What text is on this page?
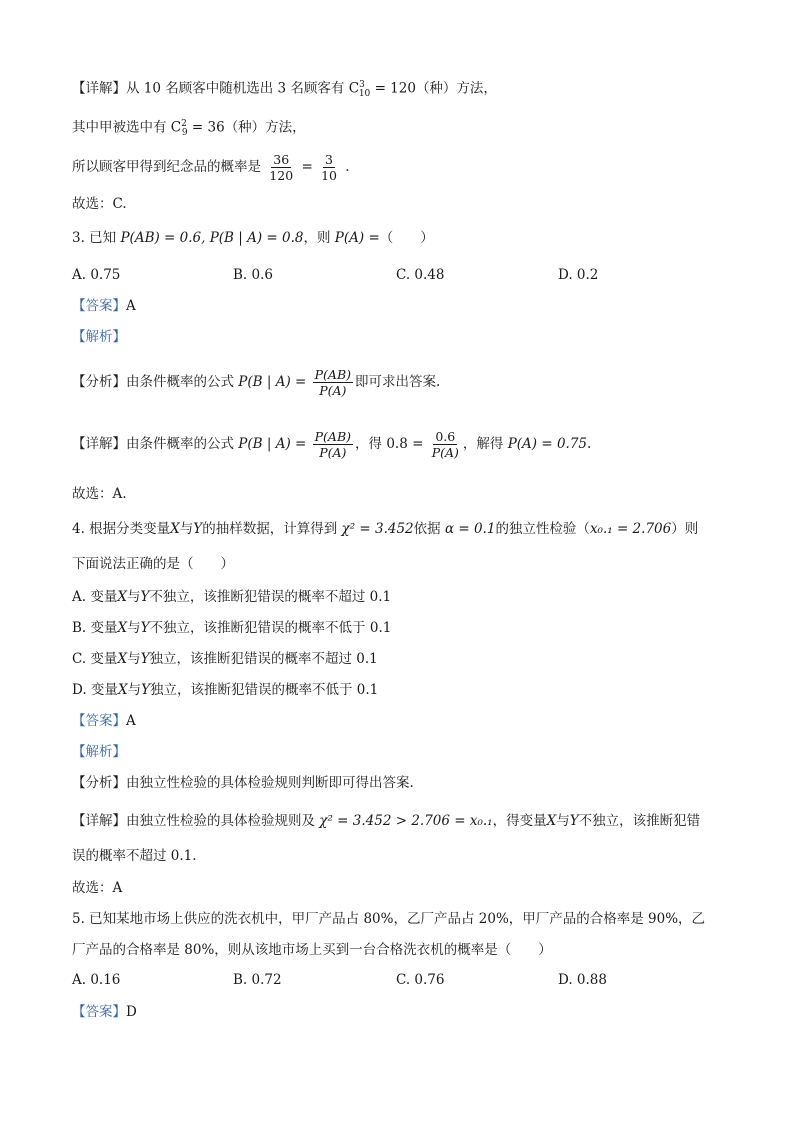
【详解】从 10 名顾客中随机选出 3 名顾客有 $C^3_{10} = 120$（种）方法，
其中甲被选中有 $C^2_9 = 36$（种）方法，
所以顾客甲得到纪念品的概率是 $\frac{36}{120} = \frac{3}{10}$ .
故选：C.
3. 已知 P(AB) = 0.6, P(B | A) = 0.8，则 P(A) =（　　）
A. 0.75	B. 0.6	C. 0.48	D. 0.2
【答案】A
【解析】
【分析】由条件概率的公式 P(B | $A) = \frac{P(AB)}{P(A)}$ 即可求出答案.
【详解】由条件概率的公式 P(B | $A) = \frac{P(AB)}{P(A)}$ ，得 $0.8 = \frac{0.6}{P(A)}$ ，解得 P(A) = 0.75.
故选：A.
4. 根据分类变量X与Y的抽样数据，计算得到 χ² = 3.452依据 α = 0.1的独立性检验（x₀.₁ = 2.706）则
下面说法正确的是（　　）
A. 变量X与Y不独立，该推断犯错误的概率不超过 0.1
B. 变量X与Y不独立，该推断犯错误的概率不低于 0.1
C. 变量X与Y独立，该推断犯错误的概率不超过 0.1
D. 变量X与Y独立，该推断犯错误的概率不低于 0.1
【答案】A
【解析】
【分析】由独立性检验的具体检验规则判断即可得出答案.
【详解】由独立性检验的具体检验规则及 χ² = 3.452 > 2.706 = x₀.₁，得变量X与Y不独立，该推断犯错
误的概率不超过 0.1.
故选：A
5. 已知某地市场上供应的洗衣机中，甲厂产品占 80%，乙厂产品占 20%，甲厂产品的合格率是 90%，乙
厂产品的合格率是 80%，则从该地市场上买到一台合格洗衣机的概率是（　　）
A. 0.16	B. 0.72	C. 0.76	D. 0.88
【答案】D
